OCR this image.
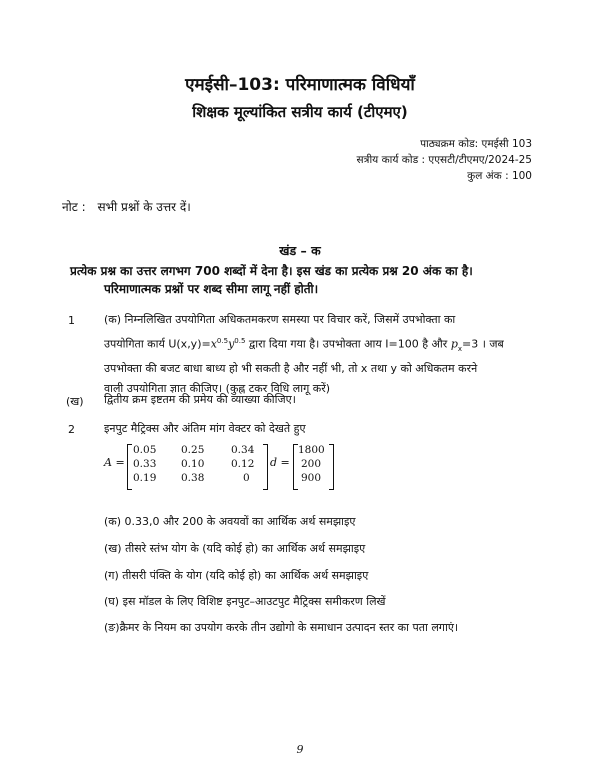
एमईसी–103: परिमाणात्मक विधियाँ
शिक्षक मूल्यांकित सत्रीय कार्य (टीएमए)
पाठ्यक्रम कोड: एमईसी 103
सत्रीय कार्य कोड : एएसटी/टीएमए/2024-25
कुल अंक : 100
नोट : सभी प्रश्नों के उत्तर दें।
खंड – क
प्रत्येक प्रश्न का उत्तर लगभग 700 शब्दों में देना है। इस खंड का प्रत्येक प्रश्न 20 अंक का है।
परिमाणात्मक प्रश्नों पर शब्द सीमा लागू नहीं होती।
1	(क) निम्नलिखित उपयोगिता अधिकतमकरण समस्या पर विचार करें, जिसमें उपभोक्ता का
उपयोगिता कार्य $U(x,y)=x^{0.5}y^{0.5}$ द्वारा दिया गया है। उपभोक्ता आय I=100 है और $p_x=3$ । जब
उपभोक्ता की बजट बाधा बाध्य हो भी सकती है और नहीं भी, तो x तथा y को अधिकतम करने
वाली उपयोगिता ज्ञात कीजिए। (कुह्न टकर विधि लागू करें)
(ख) द्वितीय क्रम इष्टतम की प्रमेय की व्याख्या कीजिए।
2	इनपुट मैट्रिक्स और अंतिम मांग वेक्टर को देखते हुए
A =
0.05 0.25	0.34
0.33 0.10	0.12
0.19 0.38	0
d =
1800
200
900
(क) 0.33,0 और 200 के अवयवों का आर्थिक अर्थ समझाइए
(ख) तीसरे स्तंभ योग के (यदि कोई हो) का आर्थिक अर्थ समझाइए
(ग) तीसरी पंक्ति के योग (यदि कोई हो) का आर्थिक अर्थ समझाइए
(घ) इस मॉडल के लिए विशिष्ट इनपुट–आउटपुट मैट्रिक्स समीकरण लिखें
(ङ)क्रैमर के नियम का उपयोग करके तीन उद्योगो के समाधान उत्पादन स्तर का पता लगाएं।
9
